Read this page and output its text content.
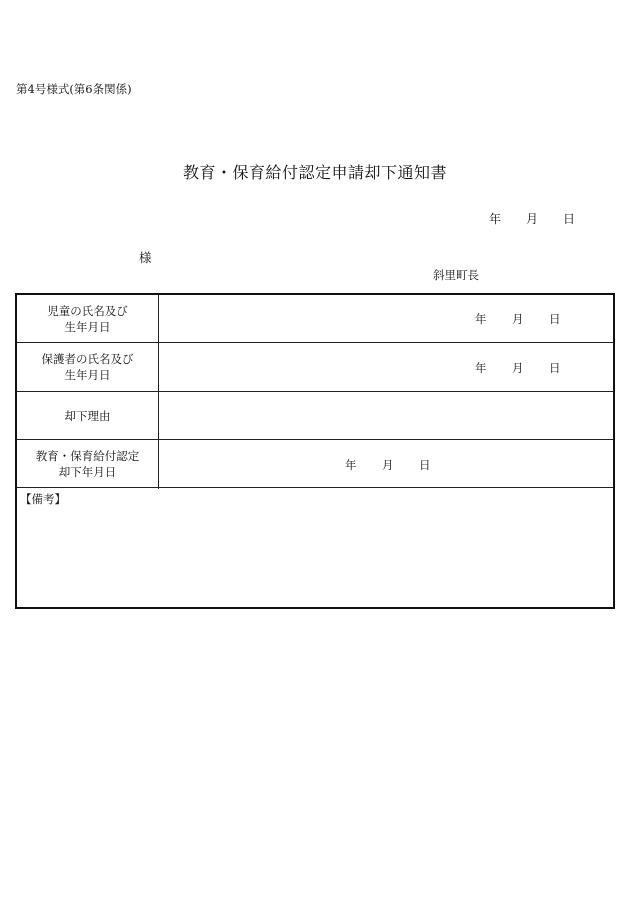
第4号様式(第6条関係)
教育・保育給付認定申請却下通知書
年 月 日
様
斜里町長
児童の氏名及び
生年月日
年 月 日
保護者の氏名及び
生年月日	年 月 日
却下理由
教育・保育給付認定
却下年月日	年 月 日
【備考】
